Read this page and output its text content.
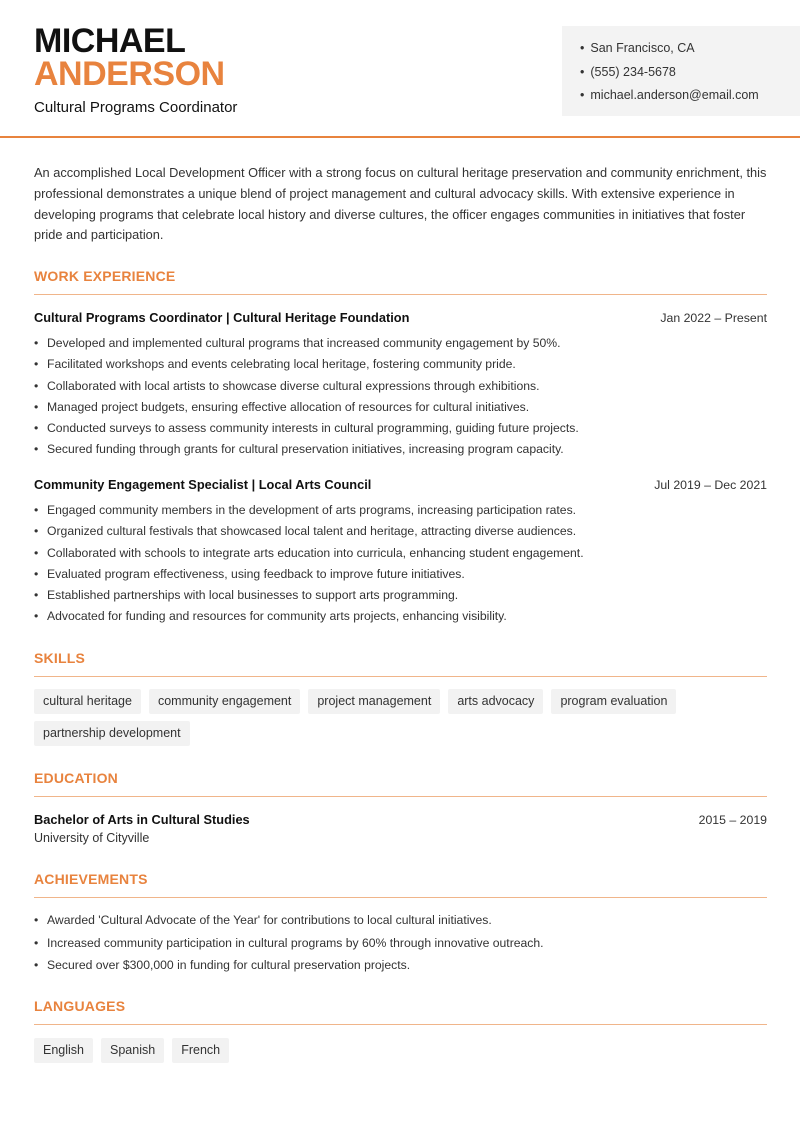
MICHAEL
ANDERSON
Cultural Programs Coordinator
• San Francisco, CA
• (555) 234-5678
• michael.anderson@email.com

An accomplished Local Development Officer with a strong focus on cultural heritage preservation and community enrichment, this professional demonstrates a unique blend of project management and cultural advocacy skills. With extensive experience in developing programs that celebrate local history and diverse cultures, the officer engages communities in initiatives that foster pride and participation.

WORK EXPERIENCE
Cultural Programs Coordinator | Cultural Heritage Foundation	Jan 2022 – Present
• Developed and implemented cultural programs that increased community engagement by 50%.
• Facilitated workshops and events celebrating local heritage, fostering community pride.
• Collaborated with local artists to showcase diverse cultural expressions through exhibitions.
• Managed project budgets, ensuring effective allocation of resources for cultural initiatives.
• Conducted surveys to assess community interests in cultural programming, guiding future projects.
• Secured funding through grants for cultural preservation initiatives, increasing program capacity.
Community Engagement Specialist | Local Arts Council	Jul 2019 – Dec 2021
• Engaged community members in the development of arts programs, increasing participation rates.
• Organized cultural festivals that showcased local talent and heritage, attracting diverse audiences.
• Collaborated with schools to integrate arts education into curricula, enhancing student engagement.
• Evaluated program effectiveness, using feedback to improve future initiatives.
• Established partnerships with local businesses to support arts programming.
• Advocated for funding and resources for community arts projects, enhancing visibility.
SKILLS
cultural heritage	community engagement	project management	arts advocacy	program evaluation
partnership development
EDUCATION
Bachelor of Arts in Cultural Studies	2015 – 2019
University of Cityville
ACHIEVEMENTS
• Awarded 'Cultural Advocate of the Year' for contributions to local cultural initiatives.
• Increased community participation in cultural programs by 60% through innovative outreach.
• Secured over $300,000 in funding for cultural preservation projects.
LANGUAGES
English	Spanish	French
